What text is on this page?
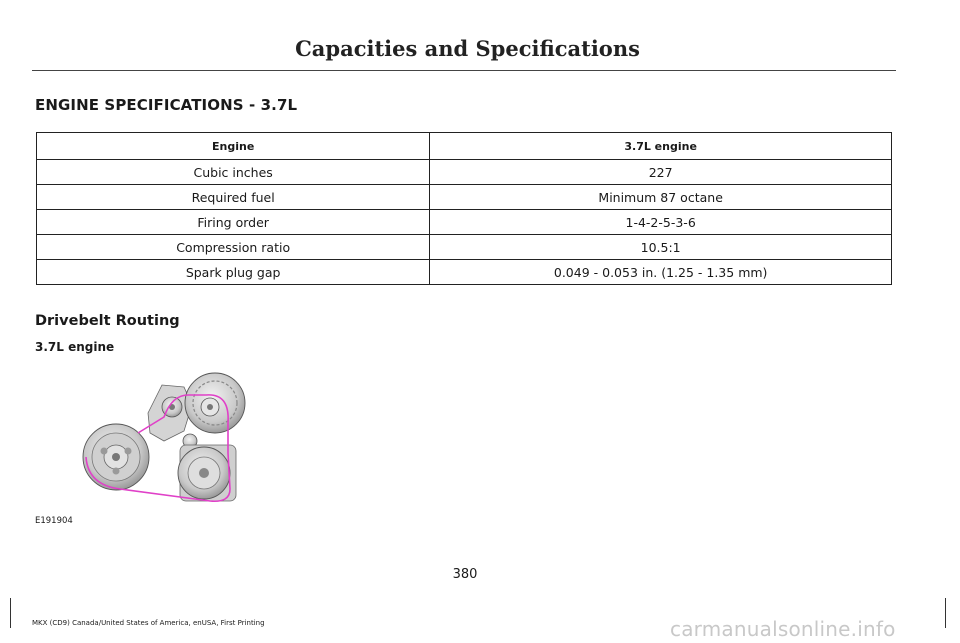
Capacities and Specifications
ENGINE SPECIFICATIONS - 3.7L
Engine	3.7L engine
Cubic inches	227
Required fuel	Minimum 87 octane
Firing order	1-4-2-5-3-6
Compression ratio	10.5:1
Spark plug gap	0.049 - 0.053 in. (1.25 - 1.35 mm)
Drivebelt Routing
3.7L engine
E191904
380
MKX (CD9) Canada/United States of America, enUSA, First Printing	carmanualsonline.info
